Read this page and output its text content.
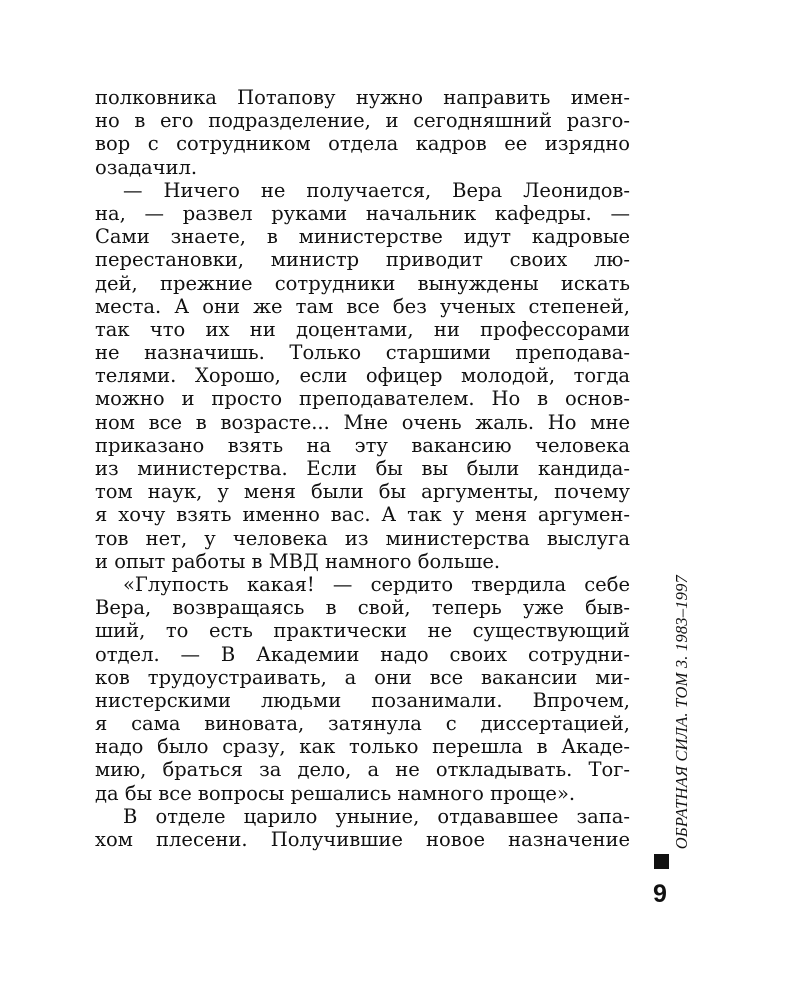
полковника Потапову нужно направить имен-
но в его подразделение, и сегодняшний разго-
вор с сотрудником отдела кадров ее изрядно
озадачил.
— Ничего не получается, Вера Леонидов-
на, — развел руками начальник кафедры. —
Сами знаете, в министерстве идут кадровые
перестановки, министр приводит своих лю-
дей, прежние сотрудники вынуждены искать
места. А они же там все без ученых степеней,
так что их ни доцентами, ни профессорами
не назначишь. Только старшими преподава-
телями. Хорошо, если офицер молодой, тогда
можно и просто преподавателем. Но в основ-
ном все в возрасте... Мне очень жаль. Но мне
приказано взять на эту вакансию человека
из министерства. Если бы вы были кандида-
том наук, у меня были бы аргументы, почему
я хочу взять именно вас. А так у меня аргумен-
тов нет, у человека из министерства выслуга
и опыт работы в МВД намного больше.
«Глупость какая! — сердито твердила себе
Вера, возвращаясь в свой, теперь уже быв-
ший, то есть практически не существующий
отдел. — В Академии надо своих сотрудни-
ков трудоустраивать, а они все вакансии ми-
нистерскими людьми позанимали. Впрочем,
я сама виновата, затянула с диссертацией,
надо было сразу, как только перешла в Акаде-
мию, браться за дело, а не откладывать. Тог-
да бы все вопросы решались намного проще».
В отделе царило уныние, отдававшее запа-
хом плесени. Получившие новое назначение	ОБРАТНАЯ СИЛА. ТОМ 3. 1983–1997
9
